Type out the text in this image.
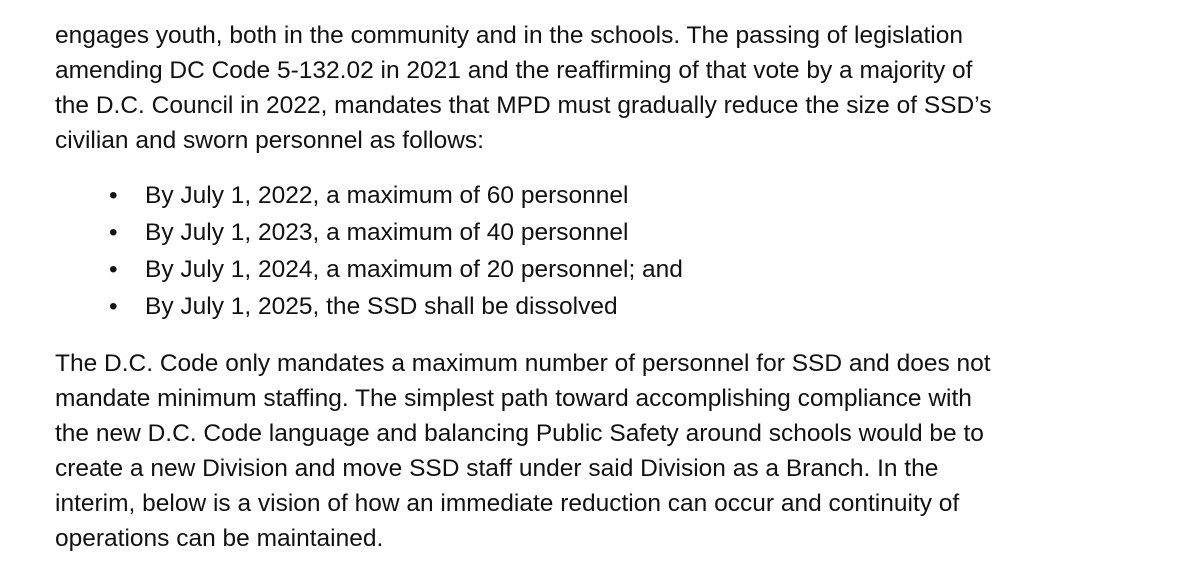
engages youth, both in the community and in the schools. The passing of legislation
amending DC Code 5-132.02 in 2021 and the reaffirming of that vote by a majority of
the D.C. Council in 2022, mandates that MPD must gradually reduce the size of SSD’s
civilian and sworn personnel as follows:

• By July 1, 2022, a maximum of 60 personnel
• By July 1, 2023, a maximum of 40 personnel
• By July 1, 2024, a maximum of 20 personnel; and
• By July 1, 2025, the SSD shall be dissolved

The D.C. Code only mandates a maximum number of personnel for SSD and does not
mandate minimum staffing. The simplest path toward accomplishing compliance with
the new D.C. Code language and balancing Public Safety around schools would be to
create a new Division and move SSD staff under said Division as a Branch. In the
interim, below is a vision of how an immediate reduction can occur and continuity of
operations can be maintained.
